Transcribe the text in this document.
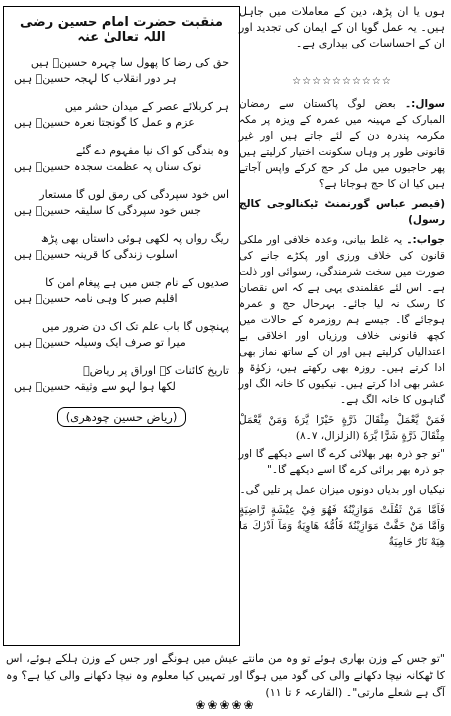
ہوں یا ان پڑھ، دین کے معاملات میں جاہل ہیں۔ یہ عمل گویا ان کے ایمان کی تجدید اور ان کے احساسات کی بیداری ہے۔
منقبت حضرت امام حسین رضی اللہ تعالیٰ عنہ

حق کی رضا کا پھول سا چہرہ حسینؓ ہیں

ہر دور انقلاب کا لہجہ حسینؓ ہیں

ہر کربلائے عصر کے میدان حشر میں

عزم و عمل کا گونجتا نعرہ حسینؓ ہیں

وہ بندگی کو اک نیا مفہوم دے گئے

نوک سناں پہ عظمت سجدہ حسینؓ ہیں

اس خود سپردگی کی رمق لوں گا مستعار

جس خود سپردگی کا سلیقہ حسینؓ ہیں

ریگ رواں پہ لکھی ہوئی داستاں بھی پڑھ

اسلوب زندگی کا قرینہ حسینؓ ہیں

صدیوں کے نام جس میں ہے پیغام امن کا

اقلیم صبر کا وہی نامہ حسینؓ ہیں

پہنچوں گا باب علم تک اک دن ضرور میں

میرا تو صرف ایک وسیلہ حسینؓ ہیں

تاریخ کائنات کے اوراق پر ریاضؔ

لکھا ہوا لہو سے وثیقہ حسینؓ ہیں

(ریاض حسین چودھری)
☆☆☆☆☆☆☆☆☆☆

سوال:۔ بعض لوگ پاکستان سے رمضان المبارک کے مہینہ میں عمرہ کے ویزہ پر مکہ مکرمہ پندرہ دن کے لئے جاتے ہیں اور غیر قانونی طور پر وہاں سکونت اختیار کرلیتے ہیں پھر حاجیوں میں مل کر حج کرکے واپس آجاتے ہیں کیا ان کا حج ہوجاتا ہے؟

(قیصر عباس گورنمنٹ ٹیکنالوجی کالج رسول)

جواب:۔ یہ غلط بیانی، وعدہ خلافی اور ملکی قانون کی خلاف ورزی اور پکڑے جانے کی صورت میں سخت شرمندگی، رسوائی اور ذلت ہے۔ اس لئے عقلمندی یہی ہے کہ اس نقصان کا رسک نہ لیا جائے۔ بہرحال حج و عمرہ ہوجائے گا۔ جیسے ہم روزمرہ کے حالات میں کچھ قانونی خلاف ورزیاں اور اخلاقی بے اعتدالیاں کرلیتے ہیں اور ان کے ساتھ نماز بھی ادا کرتے ہیں۔ روزہ بھی رکھتے ہیں، زکوٰۃ و عشر بھی ادا کرتے ہیں۔ نیکیوں کا خانہ الگ اور گناہوں کا خانہ الگ ہے۔

فَمَنْ يَّعْمَلْ مِثْقَالَ ذَرَّةٍ خَيْرًا يَّرَهٗ وَمَنْ يَّعْمَلْ مِثْقَالَ ذَرَّةٍ شَرًّا يَّرَهٗ (الزلزال، ۷۔۸)

"تو جو ذرہ بھر بھلائی کرے گا اسے دیکھے گا اور جو ذرہ بھر برائی کرے گا اسے دیکھے گا۔"

نیکیاں اور بدیاں دونوں میزان عمل پر تلیں گی۔

فَاَمَّا مَنْ ثَقُلَتْ مَوَازِيْنُهٗ فَهُوَ فِيْ عِيْشَةٍ رَّاضِيَةٍ وَاَمَّا مَنْ خَفَّتْ مَوَازِيْنُهٗ فَاُمُّهٗ هَاوِيَةٌ وَمَآ اَدْرٰكَ مَا هِيَهْ نَارٌ حَامِيَةٌ

"تو جس کے وزن بھاری ہوئے تو وہ من مانتے عیش میں ہونگے اور جس کے وزن ہلکے ہوئے، اس کا ٹھکانہ نیچا دکھانے والی کی گود میں ہوگا اور تمہیں کیا معلوم وہ نیچا دکھانے والی کیا ہے؟ وہ آگ ہے شعلے مارتی"۔ (القارعہ ۶ تا ۱۱)
❀❀❀❀❀
